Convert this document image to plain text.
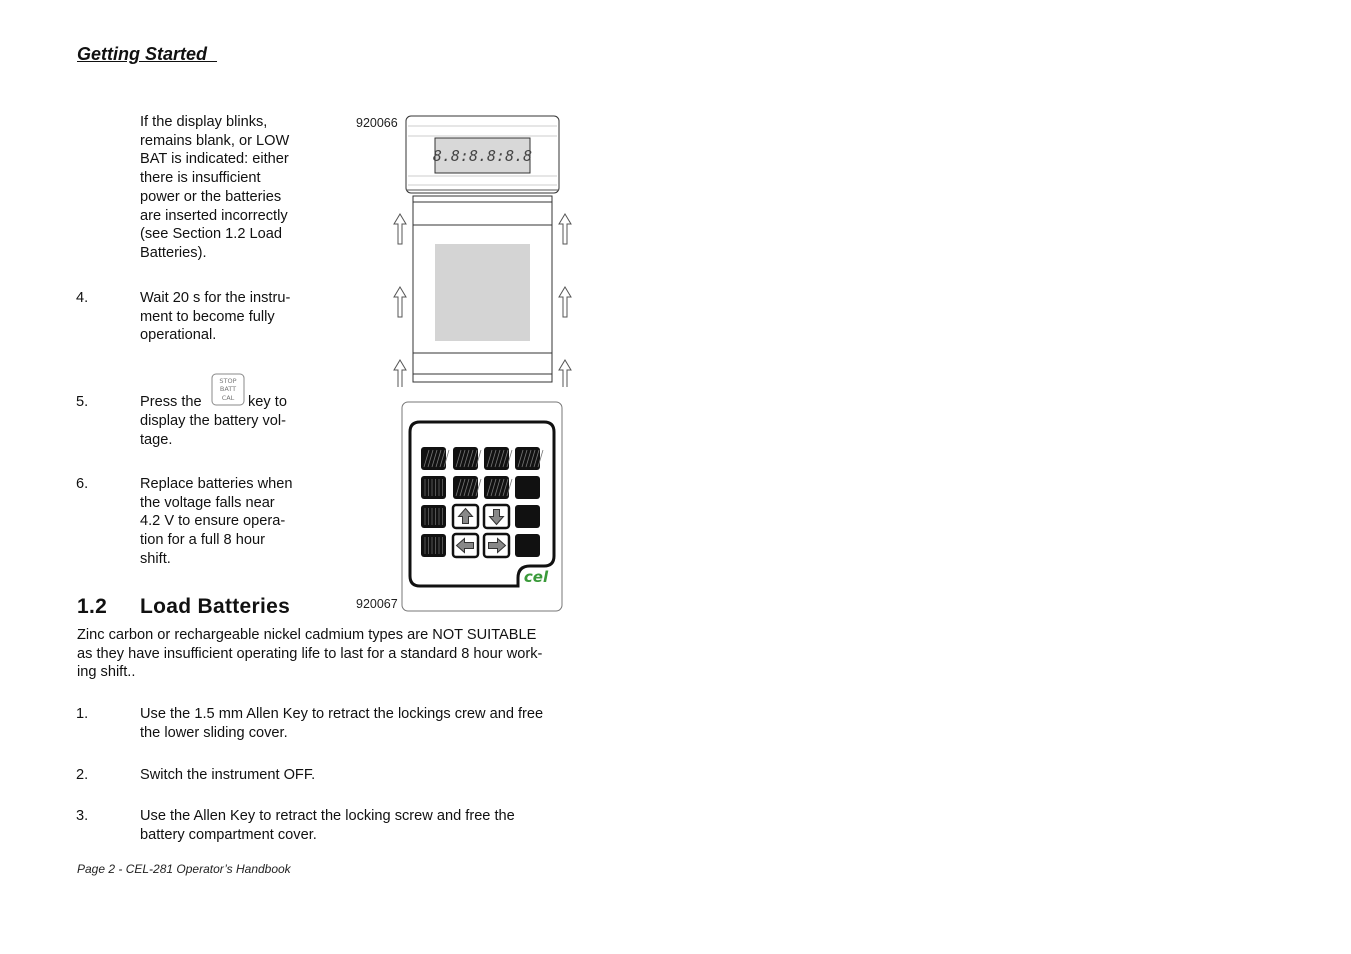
Getting Started
If the display blinks,
remains blank, or LOW
BAT is indicated: either
there is insufficient
power or the batteries
are inserted incorrectly
(see Section 1.2 Load
Batteries).
4.	Wait 20 s for the instru-
ment to become fully
operational.
5.
STOP
BATT
CAL
Press the	key to
display the battery vol-
tage.
6.	Replace batteries when
the voltage falls near
4.2 V to ensure opera-
tion for a full 8 hour
shift.
920066
920067
8.8:8.8:8.8
cel
1.2 Load Batteries
Zinc carbon or rechargeable nickel cadmium types are NOT SUITABLE
as they have insufficient operating life to last for a standard 8 hour work-
ing shift..
1.	Use the 1.5 mm Allen Key to retract the lockings crew and free
the lower sliding cover.
2.	Switch the instrument OFF.
3.	Use the Allen Key to retract the locking screw and free the
battery compartment cover.
Page 2 - CEL-281 Operator’s Handbook
